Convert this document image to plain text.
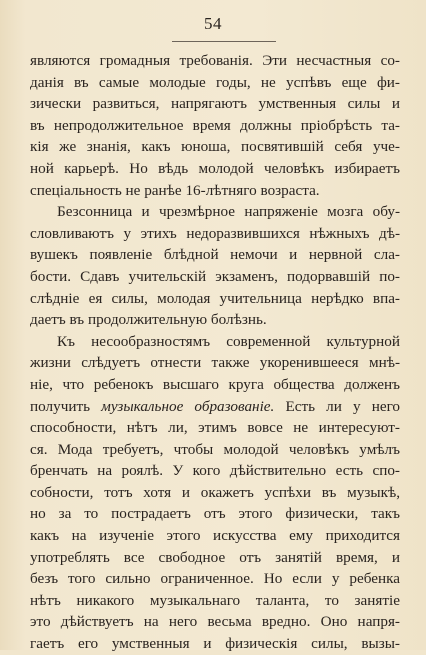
54
являются громадныя требованія. Эти несчастныя со-
данія въ самые молодые годы, не успѣвъ еще фи-
зически развиться, напрягаютъ умственныя силы и
въ непродолжительное время должны пріобрѣсть та-
кія же знанія, какъ юноша, посвятившій себя уче-
ной карьерѣ. Но вѣдь молодой человѣкъ избираетъ
спеціальность не ранѣе 16-лѣтняго возраста.
Безсонница и чрезмѣрное напряженіе мозга обу-
словливаютъ у этихъ недоразвившихся нѣжныхъ дѣ-
вушекъ появленіе блѣдной немочи и нервной сла-
бости. Сдавъ учительскій экзаменъ, подорвавшій по-
слѣдніе ея силы, молодая учительница нерѣдко впа-
даетъ въ продолжительную болѣзнь.
Къ несообразностямъ современной культурной
жизни слѣдуетъ отнести также укоренившееся мнѣ-
ніе, что ребенокъ высшаго круга общества долженъ
получить музыкальное образованіе. Есть ли у него
способности, нѣтъ ли, этимъ вовсе не интересуют-
ся. Мода требуетъ, чтобы молодой человѣкъ умѣлъ
бренчать на роялѣ. У кого дѣйствительно есть спо-
собности, тотъ хотя и окажетъ успѣхи въ музыкѣ,
но за то пострадаетъ отъ этого физически, такъ
какъ на изученіе этого искусства ему приходится
употреблять все свободное отъ занятій время, и
безъ того сильно ограниченное. Но если у ребенка
нѣтъ никакого музыкальнаго таланта, то занятіе
это дѣйствуетъ на него весьма вредно. Оно напря-
гаетъ его умственныя и физическія силы, вызы-
